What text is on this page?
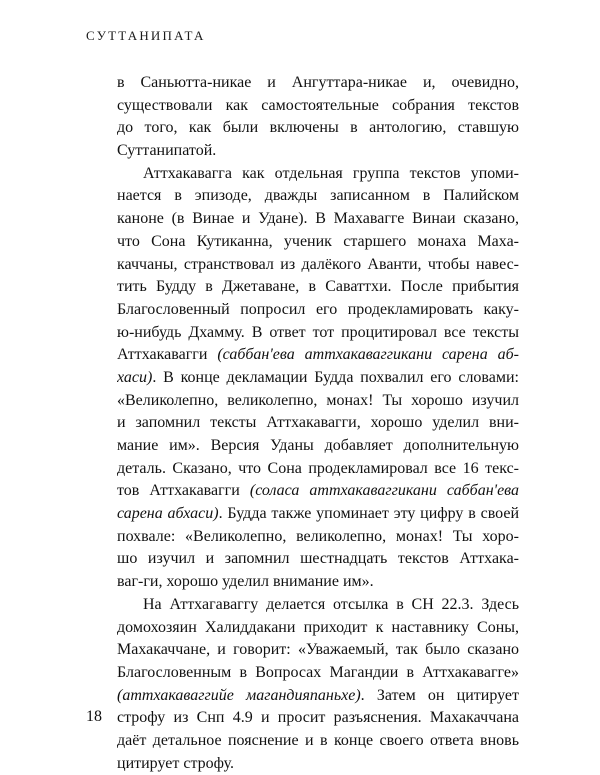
СУТТАНИПАТА
в Саньютта-никае и Ангуттара-никае и, очевидно,
существовали как самостоятельные собрания текстов
до того, как были включены в антологию, ставшую
Суттанипатой.
Аттхакавагга как отдельная группа текстов упоми-
нается в эпизоде, дважды записанном в Палийском
каноне (в Винае и Удане). В Махавагге Винаи сказано,
что Сона Кутиканна, ученик старшего монаха Маха-
каччаны, странствовал из далёкого Аванти, чтобы навес-
тить Будду в Джетаване, в Саваттхи. После прибытия
Благословенный попросил его продекламировать каку-
ю-нибудь Дхамму. В ответ тот процитировал все тексты
Аттхакавагги (саббан'ева аттхакаваггикани сарена аб-
хаси). В конце декламации Будда похвалил его словами:
«Великолепно, великолепно, монах! Ты хорошо изучил
и запомнил тексты Аттхакавагги, хорошо уделил вни-
мание им». Версия Уданы добавляет дополнительную
деталь. Сказано, что Сона продекламировал все 16 текс-
тов Аттхакавагги (соласа аттхакаваггикани саббан'ева
сарена абхаси). Будда также упоминает эту цифру в своей
похвале: «Великолепно, великолепно, монах! Ты хоро-
шо изучил и запомнил шестнадцать текстов Аттхака-
ваг-ги, хорошо уделил внимание им».
На Аттхагаваггу делается отсылка в СН 22.3. Здесь
домохозяин Халиддакани приходит к наставнику Соны,
Махакаччане, и говорит: «Уважаемый, так было сказано
Благословенным в Вопросах Магандии в Аттхакавагге»
(аттхакаваггийе магандияпаньхе). Затем он цитирует
строфу из Снп 4.9 и просит разъяснения. Махакаччана
даёт детальное пояснение и в конце своего ответа вновь
цитирует строфу.
18
